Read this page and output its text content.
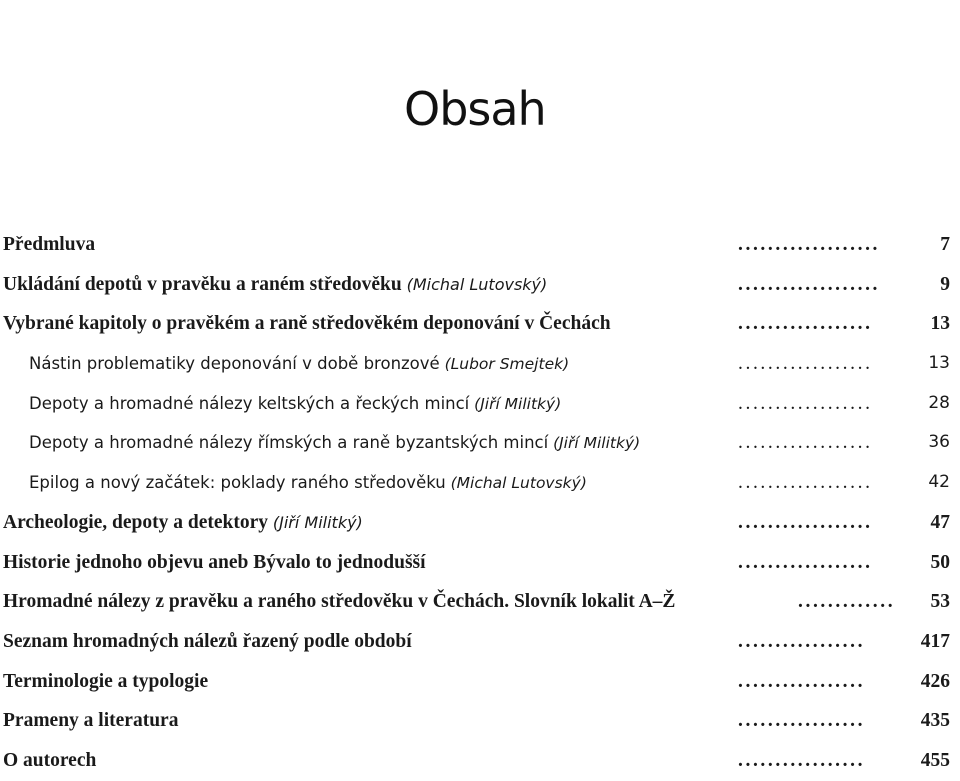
Obsah
Předmluva	...................	7
Ukládání depotů v pravěku a raném středověku (Michal Lutovský)	...................	9
Vybrané kapitoly o pravěkém a raně středověkém deponování v Čechách	..................	13
Nástin problematiky deponování v době bronzové (Lubor Smejtek)	..................	13
Depoty a hromadné nálezy keltských a řeckých mincí (Jiří Militký)	..................	28
Depoty a hromadné nálezy římských a raně byzantských mincí (Jiří Militký)	..................	36
Epilog a nový začátek: poklady raného středověku (Michal Lutovský)	..................	42
Archeologie, depoty a detektory (Jiří Militký)	..................	47
Historie jednoho objevu aneb Bývalo to jednodušší	..................	50
Hromadné nálezy z pravěku a raného středověku v Čechách. Slovník lokalit A–Ž	............. 53
Seznam hromadných nálezů řazený podle období	.................	417
Terminologie a typologie	.................	426
Prameny a literatura	.................	435
O autorech	.................	455
